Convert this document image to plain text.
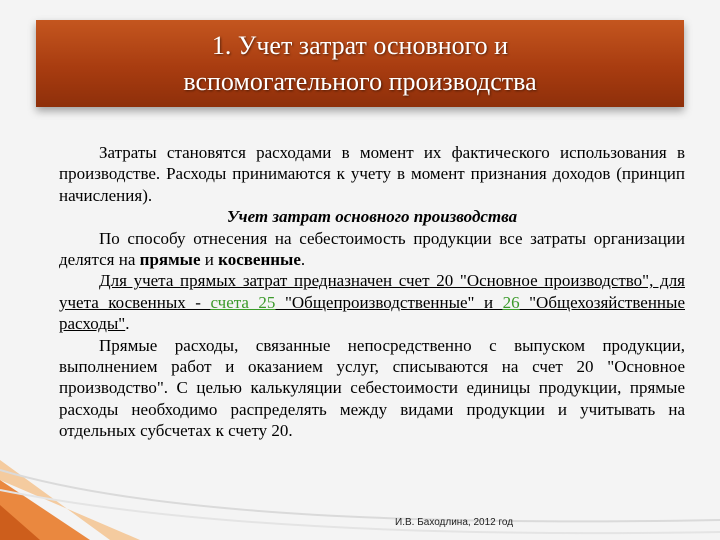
1. Учет затрат основного и
вспомогательного производства

Затраты становятся расходами в момент их фактического использования в производстве. Расходы принимаются к учету в момент признания доходов (принцип начисления).

Учет затрат основного производства

По способу отнесения на себестоимость продукции все затраты организации делятся на прямые и косвенные.

Для учета прямых затрат предназначен счет 20 "Основное производство", для учета косвенных - счета 25 "Общепроизводственные" и 26 "Общехозяйственные расходы".

Прямые расходы, связанные непосредственно с выпуском продукции, выполнением работ и оказанием услуг, списываются на счет 20 "Основное производство". С целью калькуляции себестоимости единицы продукции, прямые расходы необходимо распределять между видами продукции и учитывать на отдельных субсчетах к счету 20.

И.В. Баходлина, 2012 год
